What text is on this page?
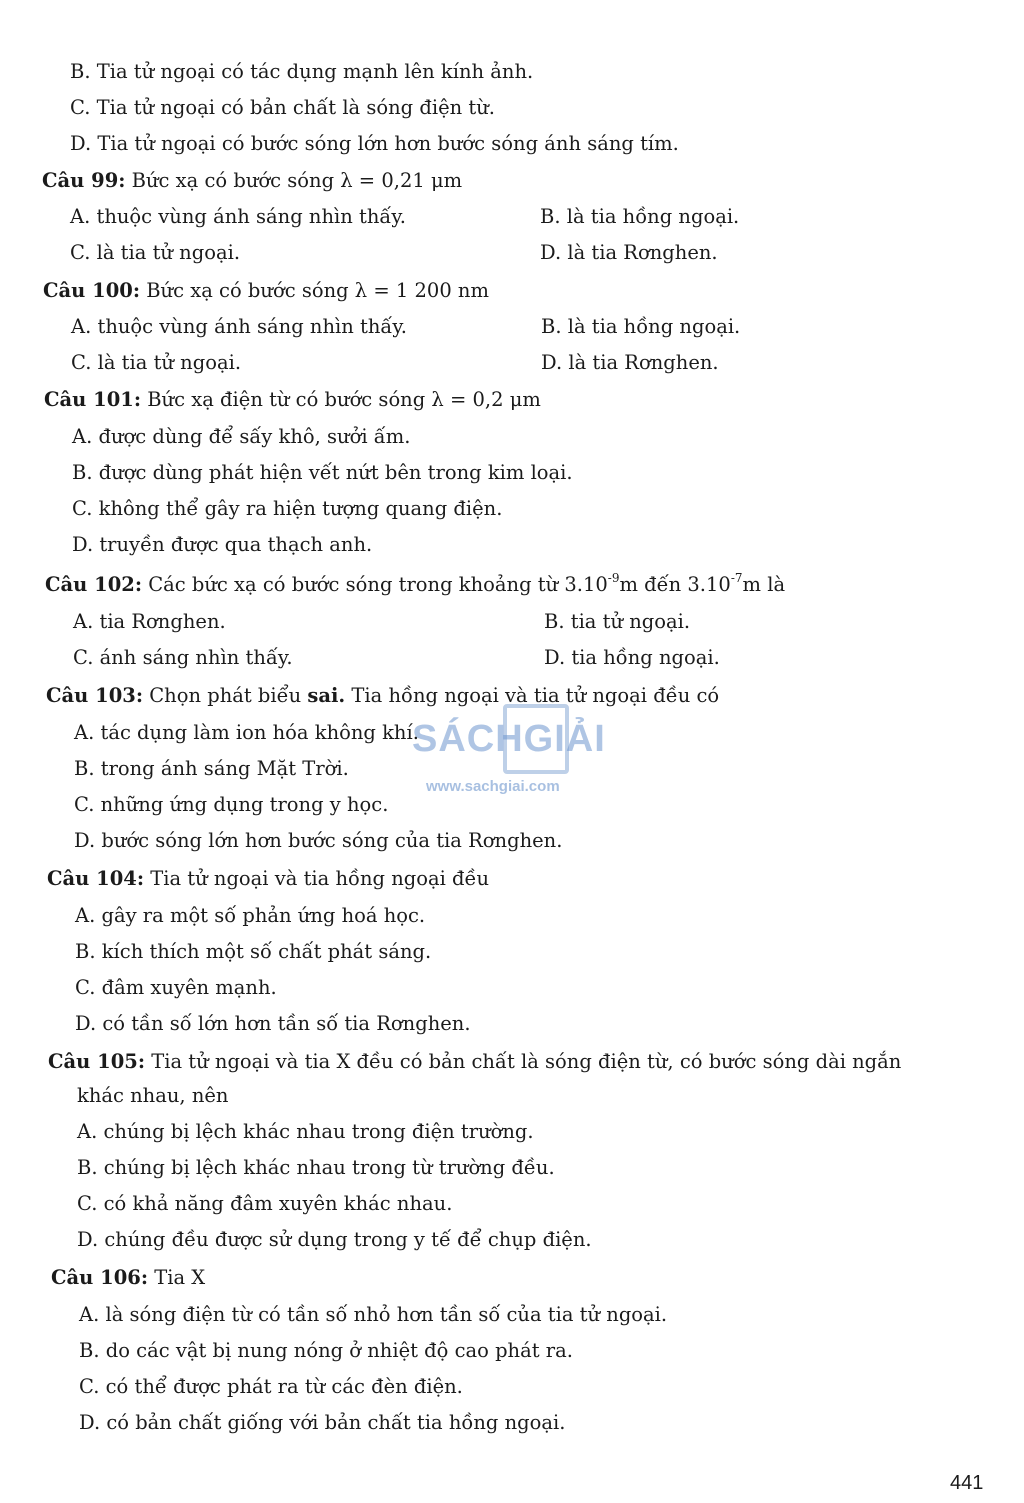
B. Tia tử ngoại có tác dụng mạnh lên kính ảnh.
C. Tia tử ngoại có bản chất là sóng điện từ.
D. Tia tử ngoại có bước sóng lớn hơn bước sóng ánh sáng tím.
Câu 99: Bức xạ có bước sóng λ = 0,21 μm
A. thuộc vùng ánh sáng nhìn thấy.	B. là tia hồng ngoại.
C. là tia tử ngoại.	D. là tia Rơnghen.
Câu 100: Bức xạ có bước sóng λ = 1 200 nm
A. thuộc vùng ánh sáng nhìn thấy.	B. là tia hồng ngoại.
C. là tia tử ngoại.	D. là tia Rơnghen.
Câu 101: Bức xạ điện từ có bước sóng λ = 0,2 μm
A. được dùng để sấy khô, sưởi ấm.
B. được dùng phát hiện vết nứt bên trong kim loại.
C. không thể gây ra hiện tượng quang điện.
D. truyền được qua thạch anh.
Câu 102: Các bức xạ có bước sóng trong khoảng từ $3.10^{-9}m$ đến $3.10^{-7}m$ là
A. tia Rơnghen.	B. tia tử ngoại.
C. ánh sáng nhìn thấy.	D. tia hồng ngoại.
Câu 103: Chọn phát biểu sai. Tia hồng ngoại và tia tử ngoại đều có
A. tác dụng làm ion hóa không khí.
B. trong ánh sáng Mặt Trời.
C. những ứng dụng trong y học.
D. bước sóng lớn hơn bước sóng của tia Rơnghen.
Câu 104: Tia tử ngoại và tia hồng ngoại đều
A. gây ra một số phản ứng hoá học.
B. kích thích một số chất phát sáng.
C. đâm xuyên mạnh.
D. có tần số lớn hơn tần số tia Rơnghen.
Câu 105: Tia tử ngoại và tia X đều có bản chất là sóng điện từ, có bước sóng dài ngắn
khác nhau, nên
A. chúng bị lệch khác nhau trong điện trường.
B. chúng bị lệch khác nhau trong từ trường đều.
C. có khả năng đâm xuyên khác nhau.
D. chúng đều được sử dụng trong y tế để chụp điện.
Câu 106: Tia X
A. là sóng điện từ có tần số nhỏ hơn tần số của tia tử ngoại.
B. do các vật bị nung nóng ở nhiệt độ cao phát ra.
C. có thể được phát ra từ các đèn điện.
D. có bản chất giống với bản chất tia hồng ngoại.
SÁCHGIẢI
www.sachgiai.com
441
